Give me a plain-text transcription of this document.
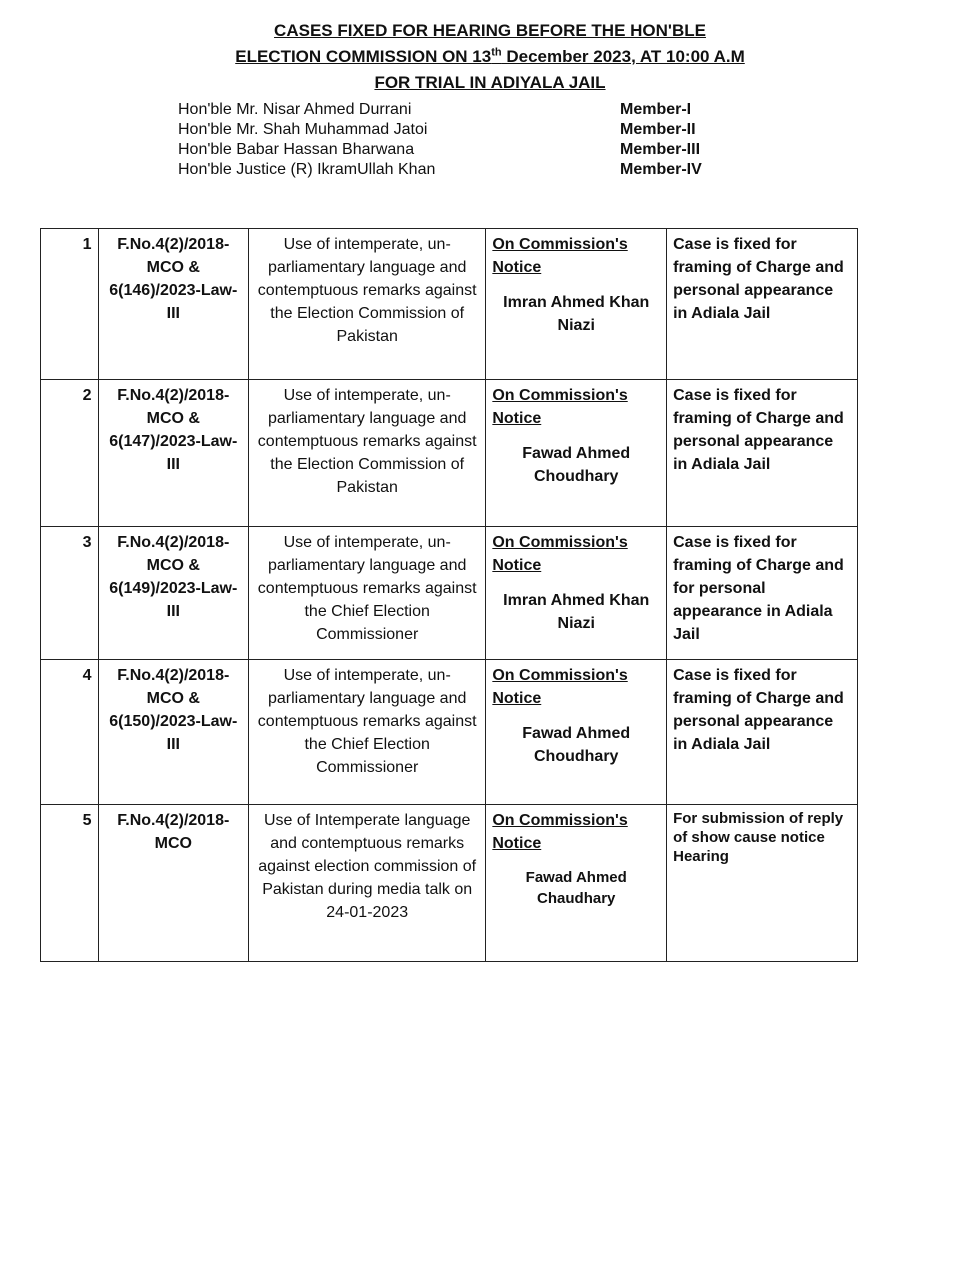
CASES FIXED FOR HEARING BEFORE THE HON'BLE
ELECTION COMMISSION ON 13th December 2023, AT 10:00 A.M
FOR TRIAL IN ADIYALA JAIL
Hon'ble Mr. Nisar Ahmed Durrani	Member-I
Hon'ble Mr. Shah Muhammad Jatoi	Member-II
Hon'ble Babar Hassan Bharwana	Member-III
Hon'ble Justice (R) IkramUllah Khan	Member-IV
1	F.No.4(2)/2018-MCO & 6(146)/2023-Law-III	Use of intemperate, un-parliamentary language and contemptuous remarks against the Election Commission of Pakistan	On Commission's Notice
Imran Ahmed Khan Niazi	Case is fixed for framing of Charge and personal appearance in Adiala Jail
2	F.No.4(2)/2018-MCO & 6(147)/2023-Law-III	Use of intemperate, un-parliamentary language and contemptuous remarks against the Election Commission of Pakistan	On Commission's Notice
Fawad Ahmed Choudhary	Case is fixed for framing of Charge and personal appearance in Adiala Jail
3	F.No.4(2)/2018-MCO & 6(149)/2023-Law-III	Use of intemperate, un-parliamentary language and contemptuous remarks against the Chief Election Commissioner	On Commission's Notice
Imran Ahmed Khan Niazi	Case is fixed for framing of Charge and for personal appearance in Adiala Jail
4	F.No.4(2)/2018-MCO & 6(150)/2023-Law-III	Use of intemperate, un-parliamentary language and contemptuous remarks against the Chief Election Commissioner	On Commission's Notice
Fawad Ahmed Choudhary	Case is fixed for framing of Charge and personal appearance in Adiala Jail
5	F.No.4(2)/2018-MCO	Use of Intemperate language and contemptuous remarks against election commission of Pakistan during media talk on 24-01-2023	On Commission's Notice
Fawad Ahmed Chaudhary	For submission of reply of show cause notice Hearing
